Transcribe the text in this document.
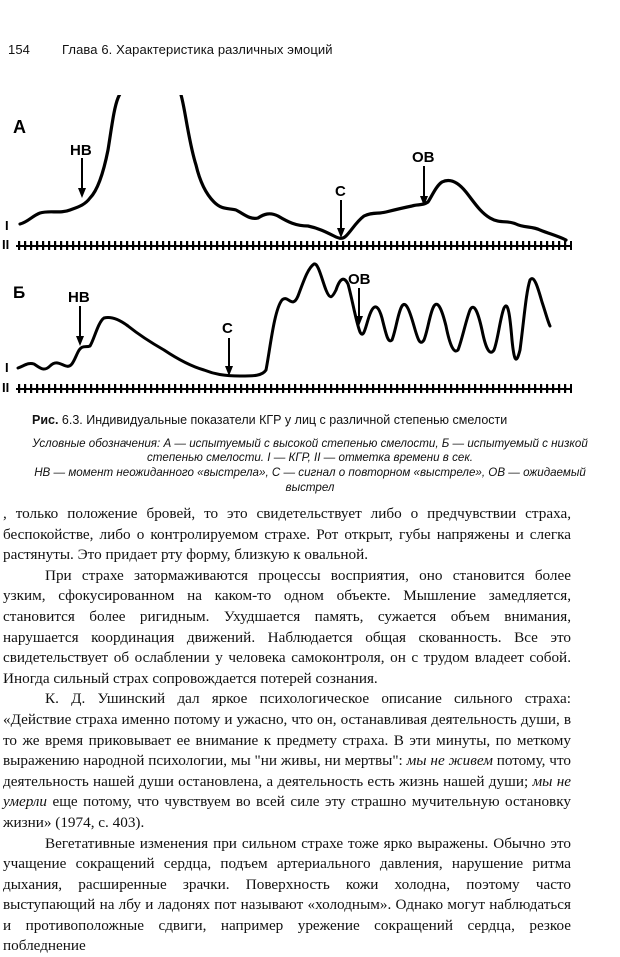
154 Глава 6. Характеристика различных эмоций
А
I
II
НВ
С
ОВ
Б
I
II
НВ
С
ОВ
Рис. 6.3. Индивидуальные показатели КГР у лиц с различной степенью смелости
Условные обозначения: А — испытуемый с высокой степенью смелости, Б — испытуемый с низкой
степенью смелости. I — КГР, II — отметка времени в сек.
НВ — момент неожиданного «выстрела», С — сигнал о повторном «выстреле», ОВ — ожидаемый
выстрел

, только положение бровей, то это свидетельствует либо о предчувствии страха, беспокойстве, либо о контролируемом страхе. Рот открыт, губы напряжены и слегка растянуты. Это придает рту форму, близкую к овальной.

При страхе затормаживаются процессы восприятия, оно становится более узким, сфокусированном на каком-то одном объекте. Мышление замедляется, становится более ригидным. Ухудшается память, сужается объем внимания, нарушается координация движений. Наблюдается общая скованность. Все это свидетельствует об ослаблении у человека самоконтроля, он с трудом владеет собой. Иногда сильный страх сопровождается потерей сознания.

К. Д. Ушинский дал яркое психологическое описание сильного страха: «Действие страха именно потому и ужасно, что он, останавливая деятельность души, в то же время приковывает ее внимание к предмету страха. В эти минуты, по меткому выражению народной психологии, мы "ни живы, ни мертвы": мы не живем потому, что деятельность нашей души остановлена, а деятельность есть жизнь нашей души; мы не умерли еще потому, что чувствуем во всей силе эту страшно мучительную остановку жизни» (1974, с. 403).

Вегетативные изменения при сильном страхе тоже ярко выражены. Обычно это учащение сокращений сердца, подъем артериального давления, нарушение ритма дыхания, расширенные зрачки. Поверхность кожи холодна, поэтому часто выступающий на лбу и ладонях пот называют «холодным». Однако могут наблюдаться и противоположные сдвиги, например урежение сокращений сердца, резкое побледнение
